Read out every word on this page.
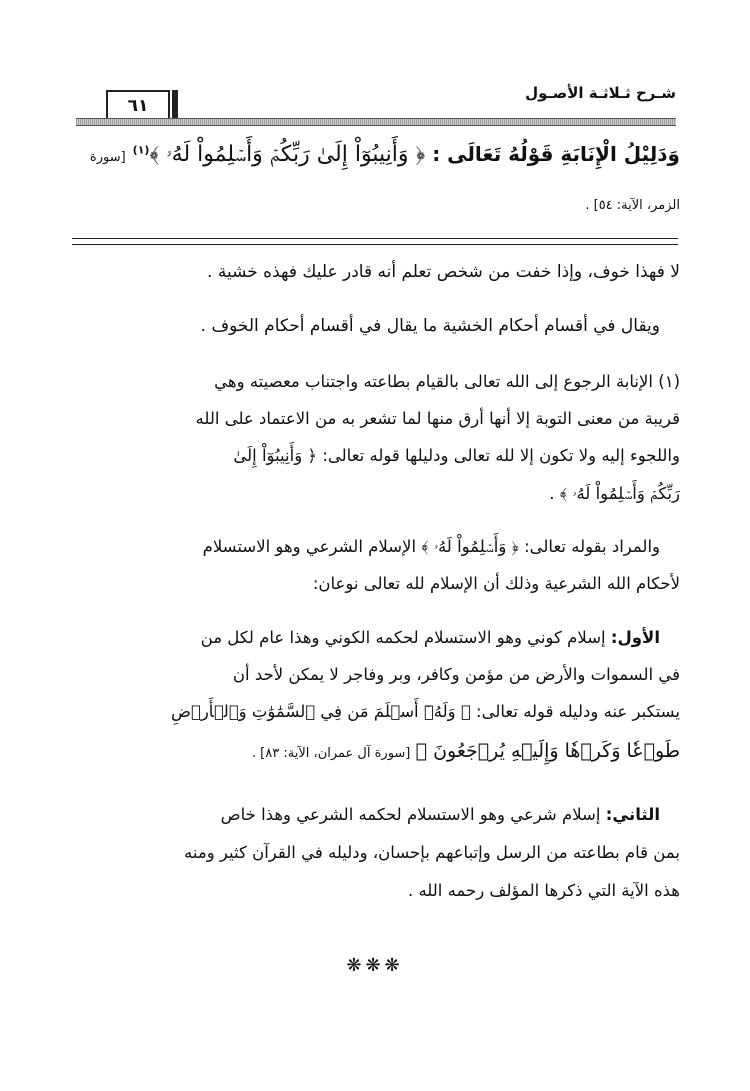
شـرح ثـلاثـة الأصـول
٦١
وَدَلِيْلُ الْإِنَابَةِ قَوْلُهُ تَعَالَى : ﴿ وَأَنِيبُوٓاْ إِلَىٰ رَبِّكُمۡ وَأَسۡلِمُواْ لَهُۥ ﴾$^{(١)}$ [سورة
الزمر، الآية: ٥٤] .
لا فهذا خوف، وإذا خفت من شخص تعلم أنه قادر عليك فهذه خشية .
ويقال في أقسام أحكام الخشية ما يقال في أقسام أحكام الخوف .
(١) الإنابة الرجوع إلى الله تعالى بالقيام بطاعته واجتناب معصيته وهي
قريبة من معنى التوبة إلا أنها أرق منها لما تشعر به من الاعتماد على الله
واللجوء إليه ولا تكون إلا لله تعالى ودليلها قوله تعالى: ﴿ وَأَنِيبُوٓاْ إِلَىٰ
رَبِّكُمۡ وَأَسۡلِمُواْ لَهُۥ ﴾ .
والمراد بقوله تعالى: ﴿ وَأَسۡلِمُواْ لَهُۥ ﴾ الإسلام الشرعي وهو الاستسلام
لأحكام الله الشرعية وذلك أن الإسلام لله تعالى نوعان:
الأول: إسلام كوني وهو الاستسلام لحكمه الكوني وهذا عام لكل من
في السموات والأرض من مؤمن وكافر، وبر وفاجر لا يمكن لأحد أن
يستكبر عنه ودليله قوله تعالى: ﴿ وَلَهُۥٓ أَسۡلَمَ مَن فِي ٱلسَّمَٰوَٰتِ وَٱلۡأَرۡضِ
طَوۡعٗا وَكَرۡهٗا وَإِلَيۡهِ يُرۡجَعُونَ ﴾ [سورة آل عمران، الآية: ٨٣] .
الثاني: إسلام شرعي وهو الاستسلام لحكمه الشرعي وهذا خاص
بمن قام بطاعته من الرسل وإتباعهم بإحسان، ودليله في القرآن كثير ومنه
هذه الآية التي ذكرها المؤلف رحمه الله .
❋❋❋
